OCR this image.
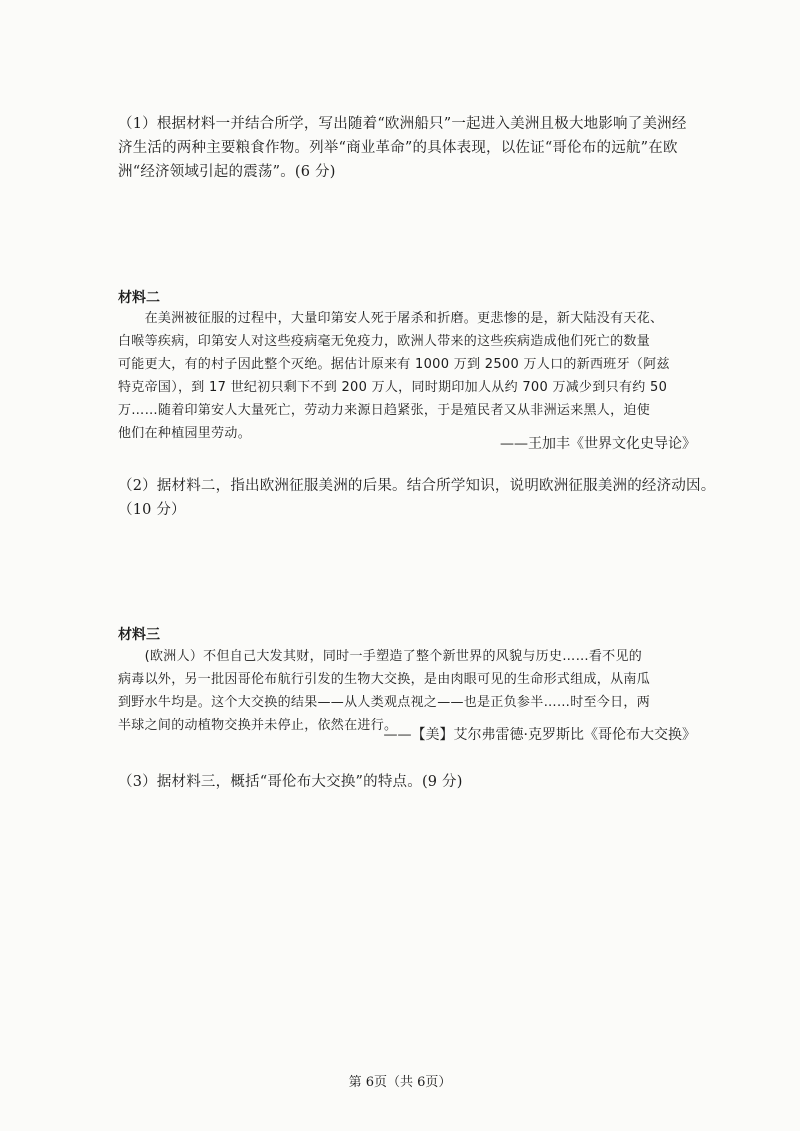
（1）根据材料一并结合所学，写出随着“欧洲船只”一起进入美洲且极大地影响了美洲经
济生活的两种主要粮食作物。列举“商业革命”的具体表现，以佐证“哥伦布的远航”在欧
洲“经济领域引起的震荡”。(6 分)
材料二
　　在美洲被征服的过程中，大量印第安人死于屠杀和折磨。更悲惨的是，新大陆没有天花、
白喉等疾病，印第安人对这些疫病毫无免疫力，欧洲人带来的这些疾病造成他们死亡的数量
可能更大，有的村子因此整个灭绝。据估计原来有 1000 万到 2500 万人口的新西班牙（阿兹
特克帝国），到 17 世纪初只剩下不到 200 万人，同时期印加人从约 700 万减少到只有约 50
万……随着印第安人大量死亡，劳动力来源日趋紧张，于是殖民者又从非洲运来黑人，迫使
他们在种植园里劳动。
——王加丰《世界文化史导论》
（2）据材料二，指出欧洲征服美洲的后果。结合所学知识，说明欧洲征服美洲的经济动因。
（10 分）
材料三
　　(欧洲人）不但自己大发其财，同时一手塑造了整个新世界的风貌与历史……看不见的
病毒以外，另一批因哥伦布航行引发的生物大交换，是由肉眼可见的生命形式组成，从南瓜
到野水牛均是。这个大交换的结果——从人类观点视之——也是正负参半……时至今日，两
半球之间的动植物交换并未停止，依然在进行。
——【美】艾尔弗雷德·克罗斯比《哥伦布大交换》
（3）据材料三，概括“哥伦布大交换”的特点。(9 分)
第 6页（共 6页）
